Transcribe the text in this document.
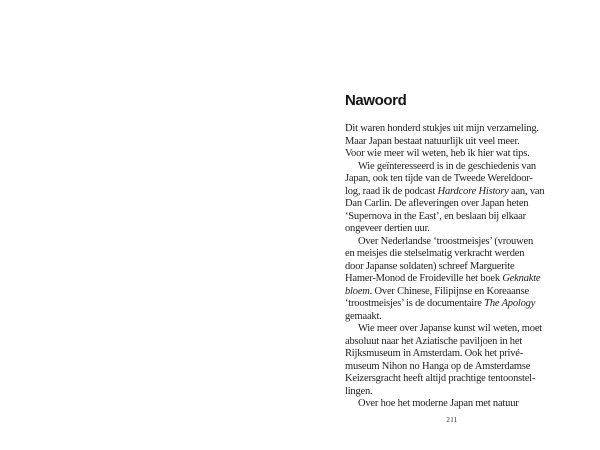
Nawoord
Dit waren honderd stukjes uit mijn verzameling.
Maar Japan bestaat natuurlijk uit veel meer.
Voor wie meer wil weten, heb ik hier wat tips.
Wie geïnteresseerd is in de geschiedenis van
Japan, ook ten tijde van de Tweede Wereldoor-
log, raad ik de podcast Hardcore History aan, van
Dan Carlin. De afleveringen over Japan heten
‘Supernova in the East’, en beslaan bij elkaar
ongeveer dertien uur.
Over Nederlandse ‘troostmeisjes’ (vrouwen
en meisjes die stelselmatig verkracht werden
door Japanse soldaten) schreef Marguerite
Hamer-Monod de Froideville het boek Geknakte
bloem. Over Chinese, Filipijnse en Koreaanse
‘troostmeisjes’ is de documentaire The Apology
gemaakt.
Wie meer over Japanse kunst wil weten, moet
absoluut naar het Aziatische paviljoen in het
Rijksmuseum in Amsterdam. Ook het privé-
museum Nihon no Hanga op de Amsterdamse
Keizersgracht heeft altijd prachtige tentoonstel-
lingen.
Over hoe het moderne Japan met natuur
211
